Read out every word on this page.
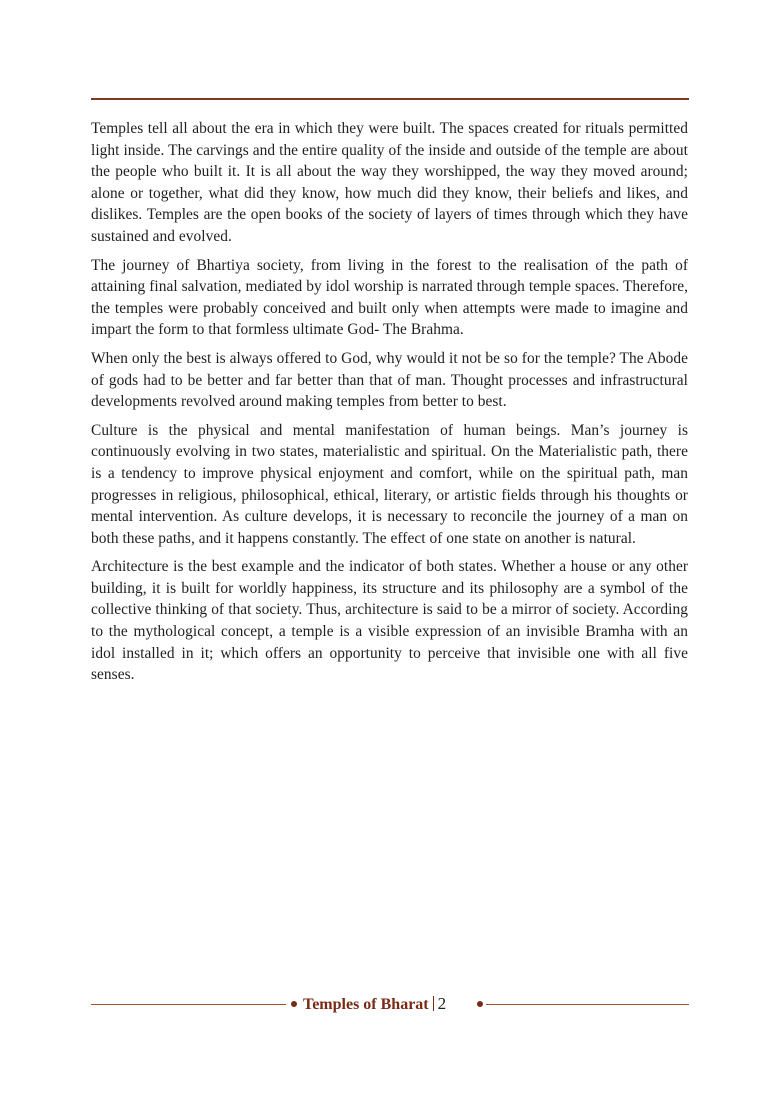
Temples tell all about the era in which they were built. The spaces created for rituals permitted light inside. The carvings and the entire quality of the inside and outside of the temple are about the people who built it. It is all about the way they worshipped, the way they moved around; alone or together, what did they know, how much did they know, their beliefs and likes, and dislikes. Temples are the open books of the society of layers of times through which they have sustained and evolved.

The journey of Bhartiya society, from living in the forest to the realisation of the path of attaining final salvation, mediated by idol worship is narrated through temple spaces. Therefore, the temples were probably conceived and built only when attempts were made to imagine and impart the form to that formless ultimate God- The Brahma.

When only the best is always offered to God, why would it not be so for the temple? The Abode of gods had to be better and far better than that of man. Thought processes and infrastructural developments revolved around making temples from better to best.

Culture is the physical and mental manifestation of human beings. Man’s journey is continuously evolving in two states, materialistic and spiritual. On the Materialistic path, there is a tendency to improve physical enjoyment and comfort, while on the spiritual path, man progresses in religious, philosophical, ethical, literary, or artistic fields through his thoughts or mental intervention. As culture develops, it is necessary to reconcile the journey of a man on both these paths, and it happens constantly. The effect of one state on another is natural.

Architecture is the best example and the indicator of both states. Whether a house or any other building, it is built for worldly happiness, its structure and its philosophy are a symbol of the collective thinking of that society. Thus, architecture is said to be a mirror of society. According to the mythological concept, a temple is a visible expression of an invisible Bramha with an idol installed in it; which offers an opportunity to perceive that invisible one with all five senses.

Temples of Bharat 2
